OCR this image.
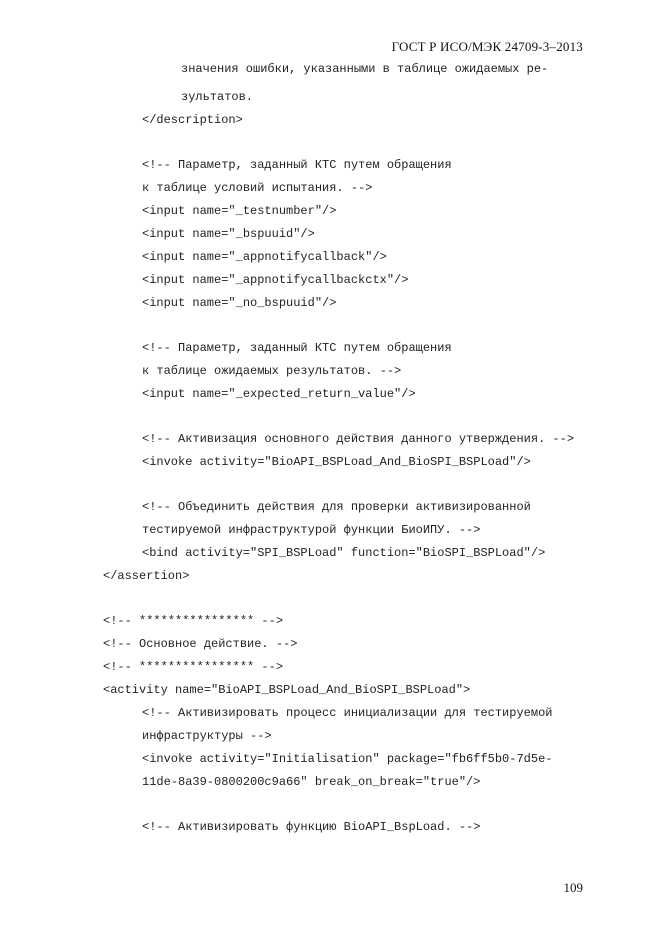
ГОСТ Р ИСО/МЭК 24709-3–2013
значения ошибки, указанными в таблице ожидаемых ре-
зультатов.
</description>
<!-- Параметр, заданный КТС путем обращения
к таблице условий испытания. -->
<input name="_testnumber"/>
<input name="_bspuuid"/>
<input name="_appnotifycallback"/>
<input name="_appnotifycallbackctx"/>
<input name="_no_bspuuid"/>
<!-- Параметр, заданный КТС путем обращения
к таблице ожидаемых результатов. -->
<input name="_expected_return_value"/>
<!-- Активизация основного действия данного утверждения. -->
<invoke activity="BioAPI_BSPLoad_And_BioSPI_BSPLoad"/>
<!-- Объединить действия для проверки активизированной
тестируемой инфраструктурой функции БиоИПУ. -->
<bind activity="SPI_BSPLoad" function="BioSPI_BSPLoad"/>
</assertion>
<!-- **************** -->
<!-- Основное действие. -->
<!-- **************** -->
<activity name="BioAPI_BSPLoad_And_BioSPI_BSPLoad">
<!-- Активизировать процесс инициализации для тестируемой
инфраструктуры -->
<invoke activity="Initialisation" package="fb6ff5b0-7d5e-
11de-8a39-0800200c9a66" break_on_break="true"/>
<!-- Активизировать функцию BioAPI_BspLoad. -->
109
